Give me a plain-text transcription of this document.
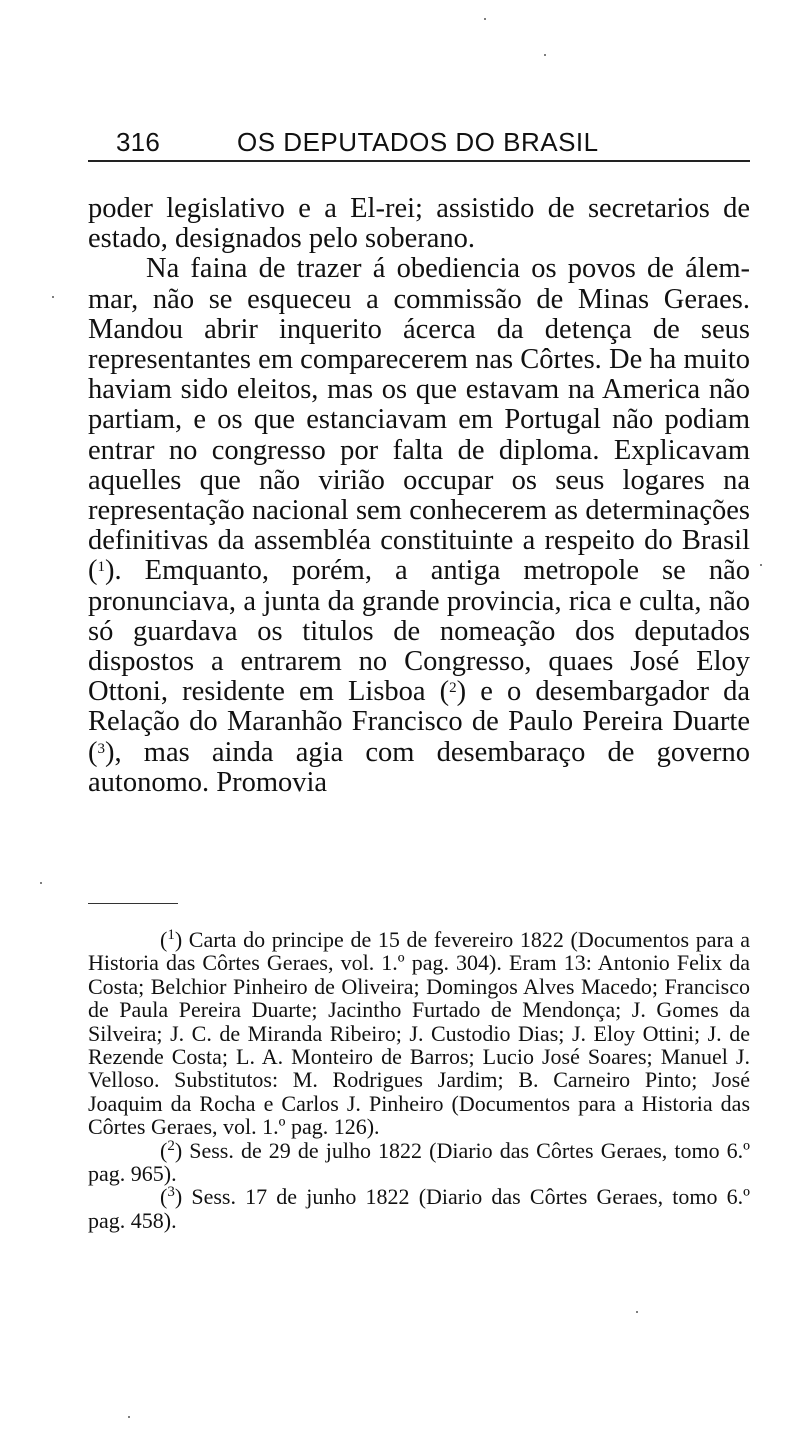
316	OS DEPUTADOS DO BRASIL

poder legislativo e a El-rei; assistido de secretarios de estado, designados pelo soberano.

Na faina de trazer á obediencia os povos de álem-mar, não se esqueceu a commissão de Minas Geraes. Mandou abrir inquerito ácerca da detença de seus representantes em comparecerem nas Côrtes. De ha muito haviam sido eleitos, mas os que estavam na America não partiam, e os que estanciavam em Portugal não podiam entrar no congresso por falta de diploma. Explicavam aquelles que não virião occupar os seus logares na representação nacional sem conhecerem as determinações definitivas da assembléa constituinte a respeito do Brasil ($^1$). Emquanto, porém, a antiga metropole se não pronunciava, a junta da grande provincia, rica e culta, não só guardava os titulos de nomeação dos deputados dispostos a entrarem no Congresso, quaes José Eloy Ottoni, residente em Lisboa ($^2$) e o desembargador da Relação do Maranhão Francisco de Paulo Pereira Duarte ($^3$), mas ainda agia com desembaraço de governo autonomo. Promovia

($^1$) Carta do principe de 15 de fevereiro 1822 (Documentos para a Historia das Côrtes Geraes, vol. 1.º pag. 304). Eram 13: Antonio Felix da Costa; Belchior Pinheiro de Oliveira; Domingos Alves Macedo; Francisco de Paula Pereira Duarte; Jacintho Furtado de Mendonça; J. Gomes da Silveira; J. C. de Miranda Ribeiro; J. Custodio Dias; J. Eloy Ottini; J. de Rezende Costa; L. A. Monteiro de Barros; Lucio José Soares; Manuel J. Velloso. Substitutos: M. Rodrigues Jardim; B. Carneiro Pinto; José Joaquim da Rocha e Carlos J. Pinheiro (Documentos para a Historia das Côrtes Geraes, vol. 1.º pag. 126).

($^2$) Sess. de 29 de julho 1822 (Diario das Côrtes Geraes, tomo 6.º pag. 965).

($^3$) Sess. 17 de junho 1822 (Diario das Côrtes Geraes, tomo 6.º pag. 458).
